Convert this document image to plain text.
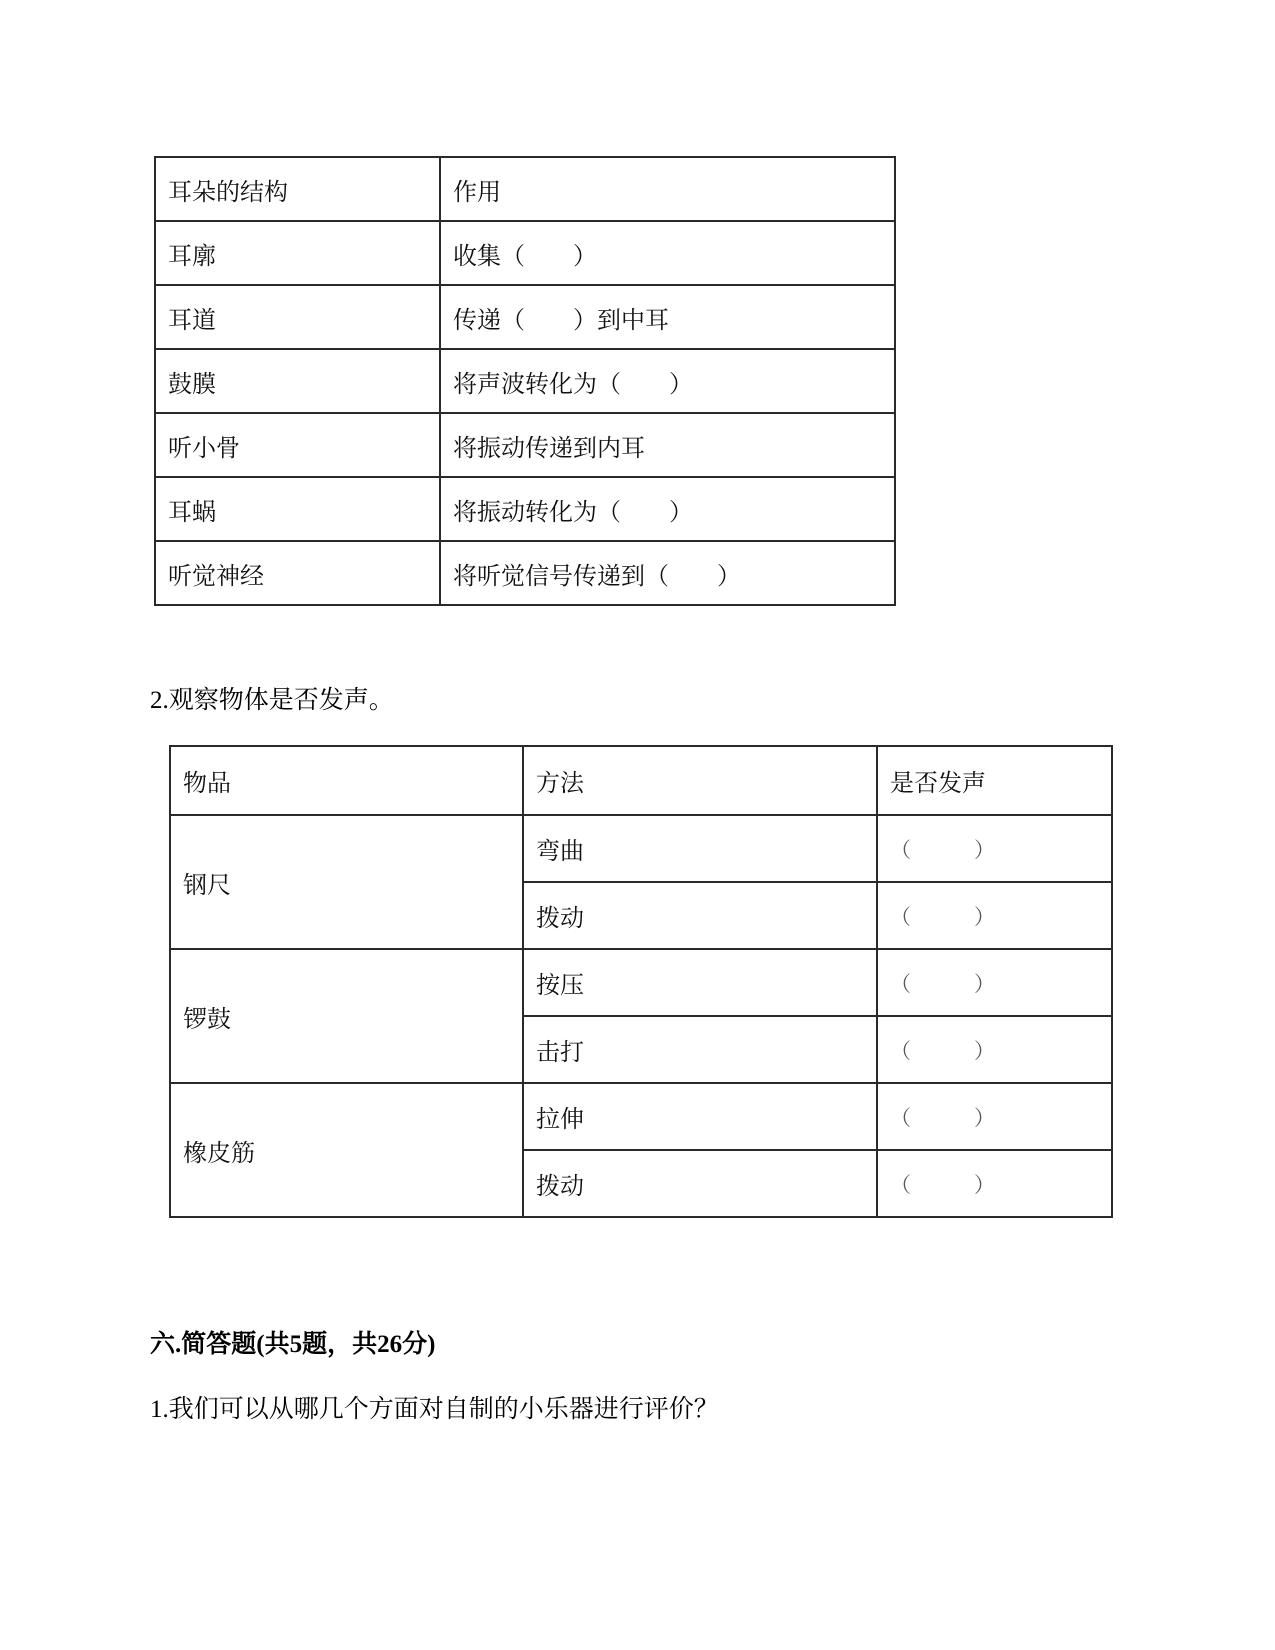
耳朵的结构	作用
耳廓	收集（　　）
耳道	传递（　　）到中耳
鼓膜	将声波转化为（　　）
听小骨	将振动传递到内耳
耳蜗	将振动转化为（　　）
听觉神经	将听觉信号传递到（　　）
2.观察物体是否发声。
物品	方法	是否发声
钢尺	弯曲	（　　　）
	拨动	（　　　）
锣鼓	按压	（　　　）
	击打	（　　　）
橡皮筋	拉伸	（　　　）
	拨动	（　　　）
六.简答题(共5题，共26分)
1.我们可以从哪几个方面对自制的小乐器进行评价？
